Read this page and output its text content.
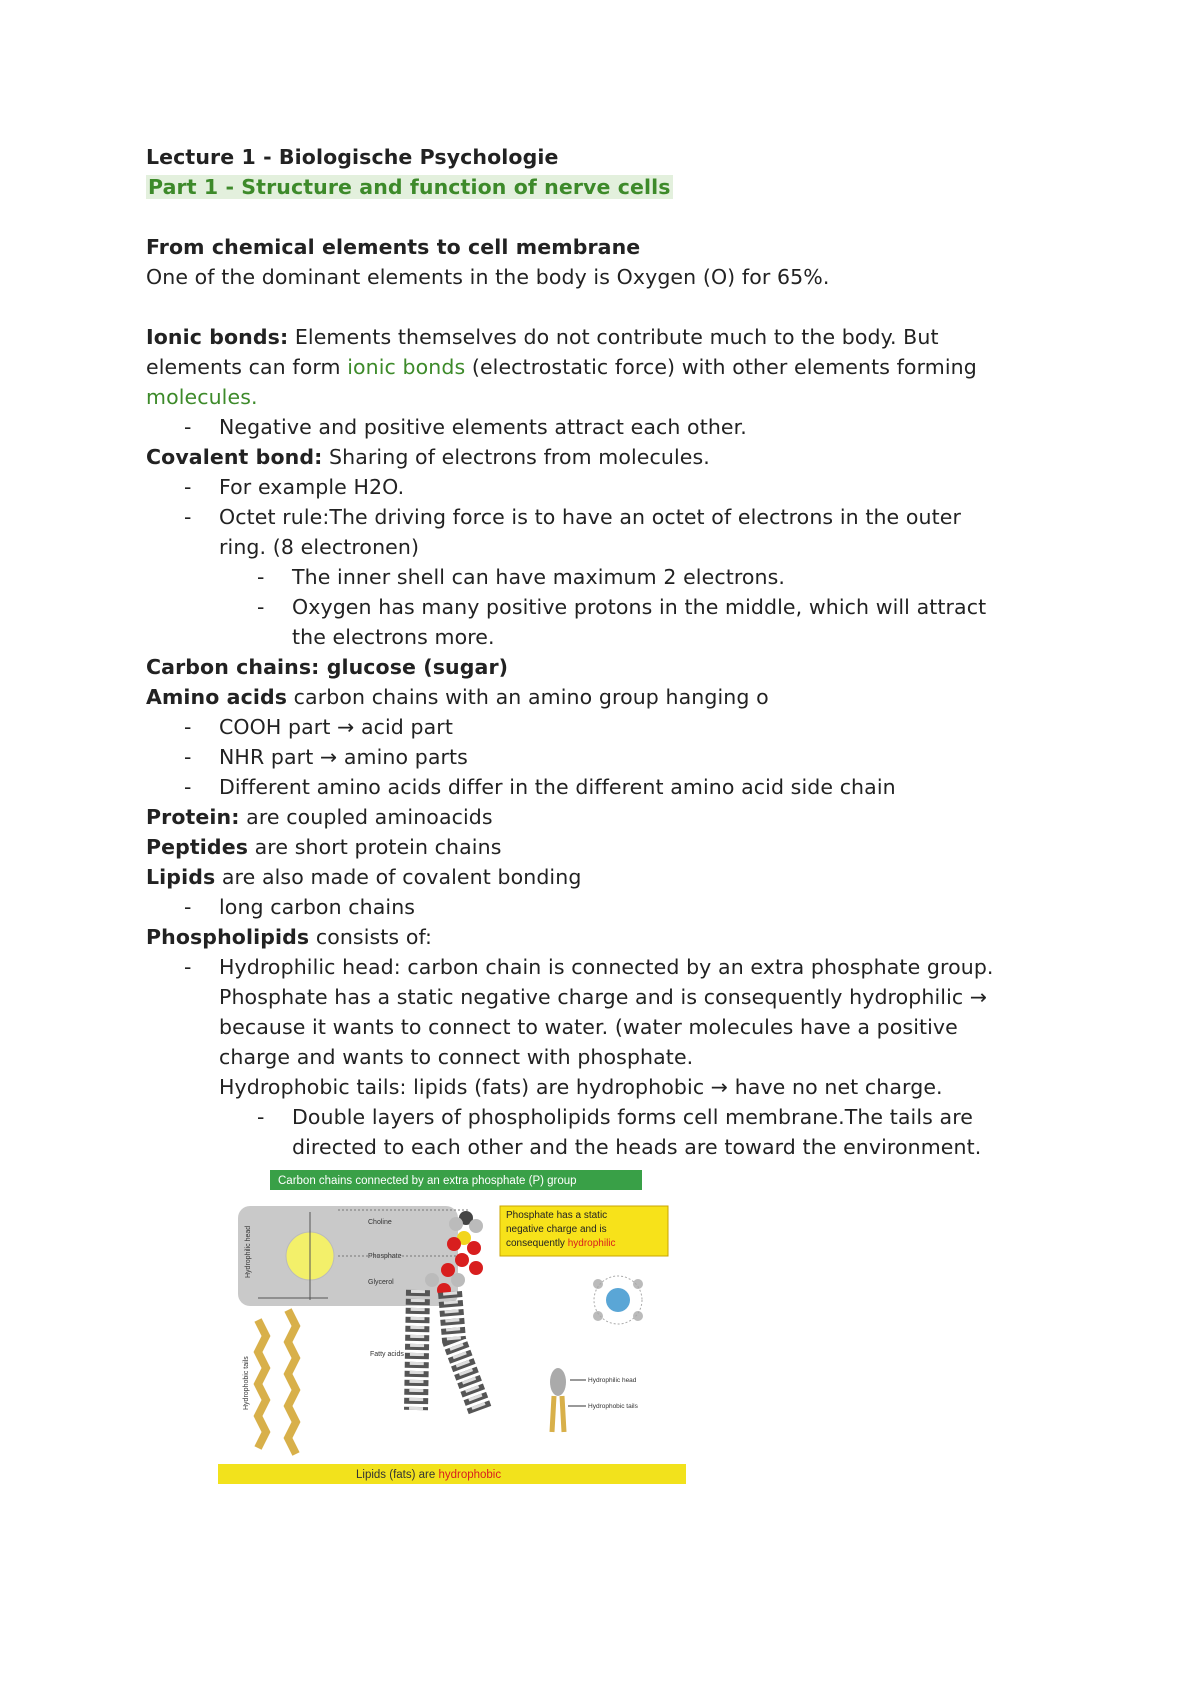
Lecture 1 - Biologische Psychologie
Part 1 - Structure and function of nerve cells
From chemical elements to cell membrane
One of the dominant elements in the body is Oxygen (O) for 65%.
Ionic bonds: Elements themselves do not contribute much to the body. But
elements can form ionic bonds (electrostatic force) with other elements forming
molecules.
- Negative and positive elements attract each other.
Covalent bond: Sharing of electrons from molecules.
- For example H2O.
- Octet rule:The driving force is to have an octet of electrons in the outer
ring. (8 electronen)
- The inner shell can have maximum 2 electrons.
- Oxygen has many positive protons in the middle, which will attract
the electrons more.
Carbon chains: glucose (sugar)
Amino acids carbon chains with an amino group hanging o
- COOH part → acid part
- NHR part → amino parts
- Different amino acids differ in the different amino acid side chain
Protein: are coupled aminoacids
Peptides are short protein chains
Lipids are also made of covalent bonding
- long carbon chains
Phospholipids consists of:
- Hydrophilic head: carbon chain is connected by an extra phosphate group.
Phosphate has a static negative charge and is consequently hydrophilic →
because it wants to connect to water. (water molecules have a positive
charge and wants to connect with phosphate.
Hydrophobic tails: lipids (fats) are hydrophobic → have no net charge.
- Double layers of phospholipids forms cell membrane.The tails are
directed to each other and the heads are toward the environment.
Carbon chains connected by an extra phosphate (P) group
Hydrophilic head
Hydrophobic tails
Choline
Phosphate
Glycerol
Fatty acids
Phosphate has a static
negative charge and is
consequently hydrophilic
Hydrophilic head
Hydrophobic tails
Lipids (fats) are hydrophobic
